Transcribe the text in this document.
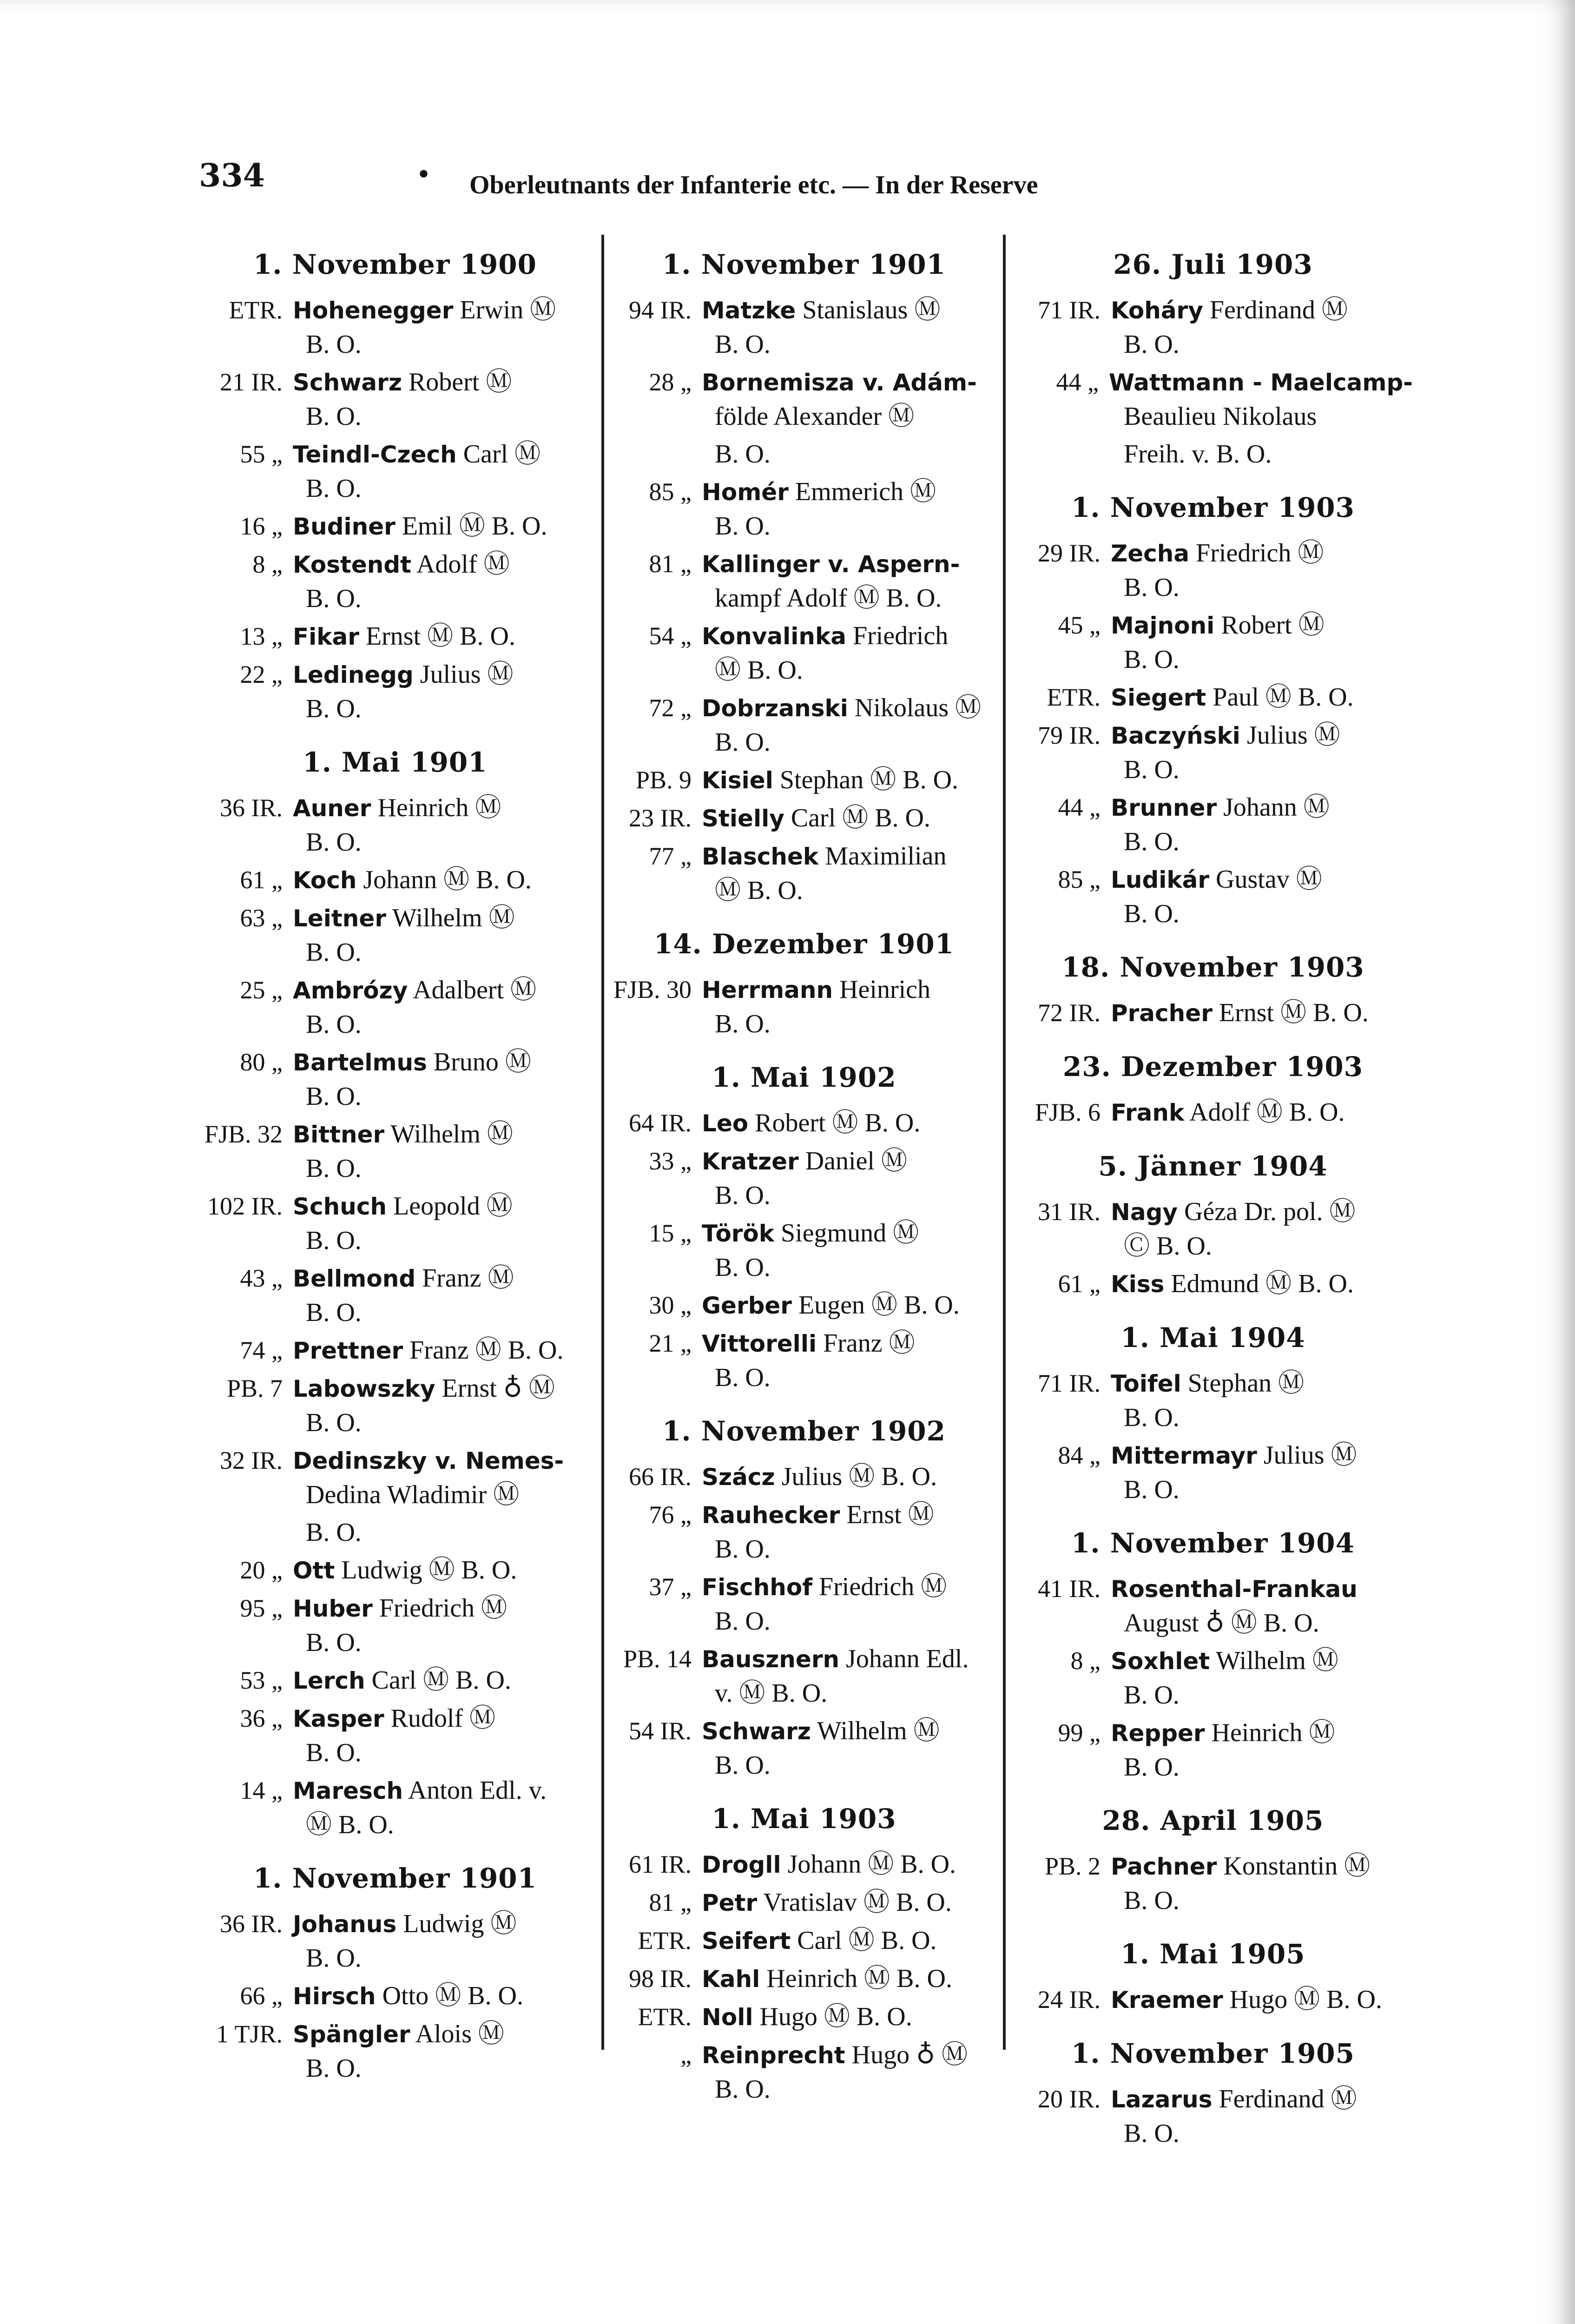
334	• Oberleutnants der Infanterie etc. — In der Reserve
1. November 1900
ETR. Hohenegger Erwin Ⓜ
B. O.
21 IR. Schwarz Robert Ⓜ
B. O.
55 „ Teindl-Czech Carl Ⓜ
B. O.
16 „ Budiner Emil Ⓜ B. O.
8 „ Kostendt Adolf Ⓜ
B. O.
13 „ Fikar Ernst Ⓜ B. O.
22 „ Ledinegg Julius Ⓜ
B. O.
1. Mai 1901
36 IR. Auner Heinrich Ⓜ
B. O.
61 „ Koch Johann Ⓜ B. O.
63 „ Leitner Wilhelm Ⓜ
B. O.
25 „ Ambrózy Adalbert Ⓜ
B. O.
80 „ Bartelmus Bruno Ⓜ
B. O.
FJB. 32 Bittner Wilhelm Ⓜ
B. O.
102 IR. Schuch Leopold Ⓜ
B. O.
43 „ Bellmond Franz Ⓜ
B. O.
74 „ Prettner Franz Ⓜ B. O.
PB. 7 Labowszky Ernst ♁ Ⓜ
B. O.
32 IR. Dedinszky v. Nemes-
Dedina Wladimir Ⓜ
B. O.
20 „ Ott Ludwig Ⓜ B. O.
95 „ Huber Friedrich Ⓜ
B. O.
53 „ Lerch Carl Ⓜ B. O.
36 „ Kasper Rudolf Ⓜ
B. O.
14 „ Maresch Anton Edl. v.
Ⓜ B. O.
1. November 1901
36 IR. Johanus Ludwig Ⓜ
B. O.
66 „ Hirsch Otto Ⓜ B. O.
1 TJR. Spängler Alois Ⓜ
B. O.
1. November 1901
94 IR. Matzke Stanislaus Ⓜ
B. O.
28 „ Bornemisza v. Adám-
földe Alexander Ⓜ
B. O.
85 „ Homér Emmerich Ⓜ
B. O.
81 „ Kallinger v. Aspern-
kampf Adolf Ⓜ B. O.
54 „ Konvalinka Friedrich
Ⓜ B. O.
72 „ Dobrzanski Nikolaus Ⓜ
B. O.
PB. 9 Kisiel Stephan Ⓜ B. O.
23 IR. Stielly Carl Ⓜ B. O.
77 „ Blaschek Maximilian
Ⓜ B. O.
14. Dezember 1901
FJB. 30 Herrmann Heinrich
B. O.
1. Mai 1902
64 IR. Leo Robert Ⓜ B. O.
33 „ Kratzer Daniel Ⓜ
B. O.
15 „ Török Siegmund Ⓜ
B. O.
30 „ Gerber Eugen Ⓜ B. O.
21 „ Vittorelli Franz Ⓜ
B. O.
1. November 1902
66 IR. Szácz Julius Ⓜ B. O.
76 „ Rauhecker Ernst Ⓜ
B. O.
37 „ Fischhof Friedrich Ⓜ
B. O.
PB. 14 Bausznern Johann Edl.
v. Ⓜ B. O.
54 IR. Schwarz Wilhelm Ⓜ
B. O.
1. Mai 1903
61 IR. Drogll Johann Ⓜ B. O.
81 „ Petr Vratislav Ⓜ B. O.
ETR. Seifert Carl Ⓜ B. O.
98 IR. Kahl Heinrich Ⓜ B. O.
ETR. Noll Hugo Ⓜ B. O.
„ Reinprecht Hugo ♁ Ⓜ
B. O.
26. Juli 1903
71 IR. Koháry Ferdinand Ⓜ
B. O.
44 „ Wattmann - Maelcamp-
Beaulieu Nikolaus
Freih. v. B. O.
1. November 1903
29 IR. Zecha Friedrich Ⓜ
B. O.
45 „ Majnoni Robert Ⓜ
B. O.
ETR. Siegert Paul Ⓜ B. O.
79 IR. Baczyński Julius Ⓜ
B. O.
44 „ Brunner Johann Ⓜ
B. O.
85 „ Ludikár Gustav Ⓜ
B. O.
18. November 1903
72 IR. Pracher Ernst Ⓜ B. O.
23. Dezember 1903
FJB. 6 Frank Adolf Ⓜ B. O.
5. Jänner 1904
31 IR. Nagy Géza Dr. pol. Ⓜ
Ⓒ B. O.
61 „ Kiss Edmund Ⓜ B. O.
1. Mai 1904
71 IR. Toifel Stephan Ⓜ
B. O.
84 „ Mittermayr Julius Ⓜ
B. O.
1. November 1904
41 IR. Rosenthal-Frankau
August ♁ Ⓜ B. O.
8 „ Soxhlet Wilhelm Ⓜ
B. O.
99 „ Repper Heinrich Ⓜ
B. O.
28. April 1905
PB. 2 Pachner Konstantin Ⓜ
B. O.
1. Mai 1905
24 IR. Kraemer Hugo Ⓜ B. O.
1. November 1905
20 IR. Lazarus Ferdinand Ⓜ
B. O.
